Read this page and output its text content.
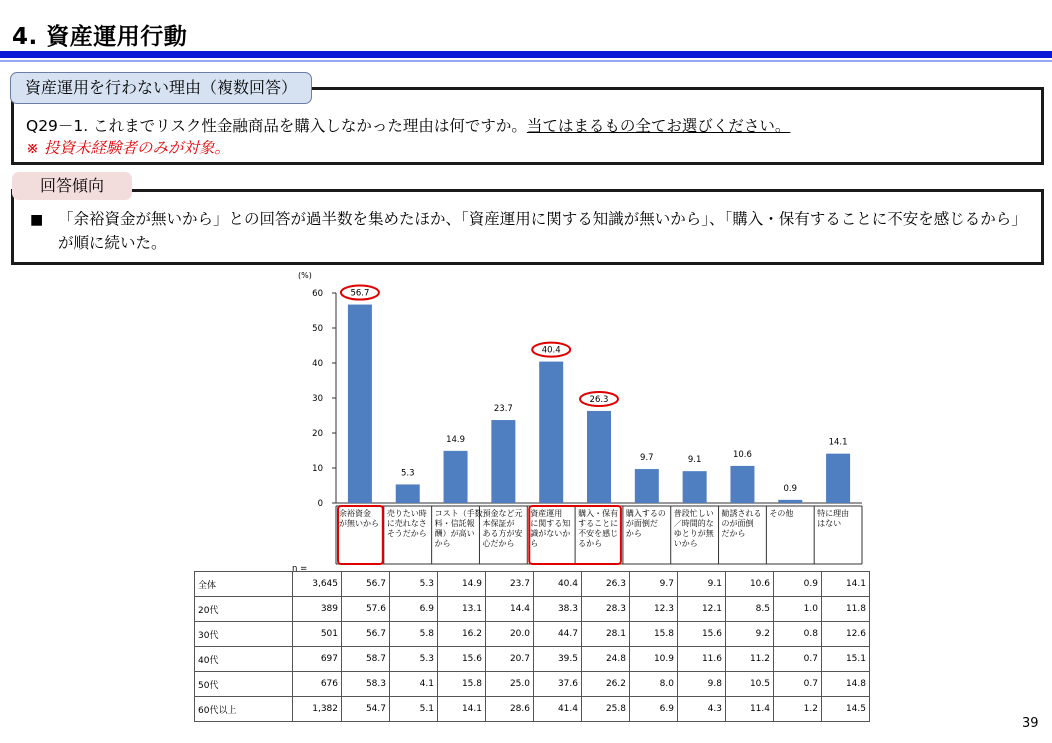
4. 資産運用行動
資産運用を行わない理由（複数回答）
Q29－1. これまでリスク性金融商品を購入しなかった理由は何ですか。当てはまるもの全てお選びください。
※ 投資未経験者のみが対象。
回答傾向
■ 「余裕資金が無いから」との回答が過半数を集めたほか、「資産運用に関する知識が無いから」、「購入・保有することに不安を感じるから」が順に続いた。
(%)
0
10
20
30
40
50
60
n =
56.7
余裕資金
が無いから
5.3
売りたい時
に売れなさ
そうだから
14.9
コスト（手数
料・信託報
酬）が高い
から
23.7
預金など元
本保証が
ある方が安
心だから
40.4
資産運用
に関する知
識がないか
ら
26.3
購入・保有
することに
不安を感じ
るから
9.7
購入するの
が面倒だ
から
9.1
普段忙しい
／時間的な
ゆとりが無
いから
10.6
勧誘される
のが面倒
だから
0.9
その他
14.1
特に理由
はない
全体	3,645	56.7	5.3	14.9	23.7	40.4	26.3	9.7	9.1	10.6	0.9	14.1
20代	389	57.6	6.9	13.1	14.4	38.3	28.3	12.3	12.1	8.5	1.0	11.8
30代	501	56.7	5.8	16.2	20.0	44.7	28.1	15.8	15.6	9.2	0.8	12.6
40代	697	58.7	5.3	15.6	20.7	39.5	24.8	10.9	11.6	11.2	0.7	15.1
50代	676	58.3	4.1	15.8	25.0	37.6	26.2	8.0	9.8	10.5	0.7	14.8
60代以上	1,382	54.7	5.1	14.1	28.6	41.4	25.8	6.9	4.3	11.4	1.2	14.5
39
